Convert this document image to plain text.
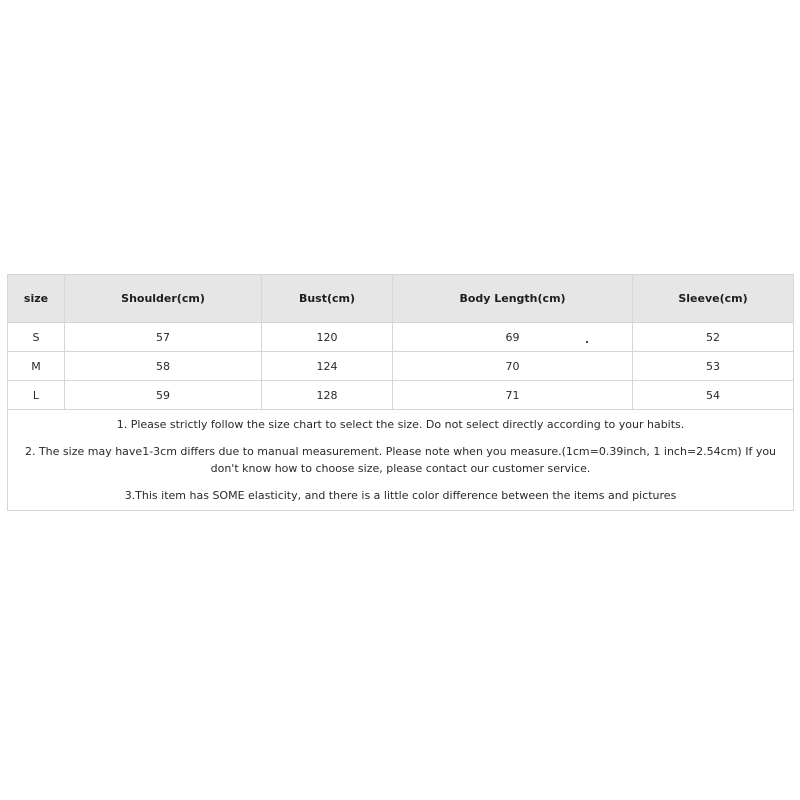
size	Shoulder(cm)	Bust(cm)	Body Length(cm)	Sleeve(cm)
S	57	120	69	52
M	58	124	70	53
L	59	128	71	54

1. Please strictly follow the size chart to select the size. Do not select directly according to your habits.

2. The size may have1-3cm differs due to manual measurement. Please note when you measure.(1cm=0.39inch, 1 inch=2.54cm) If you don't know how to choose size, please contact our customer service.

3.This item has SOME elasticity, and there is a little color difference between the items and pictures				
